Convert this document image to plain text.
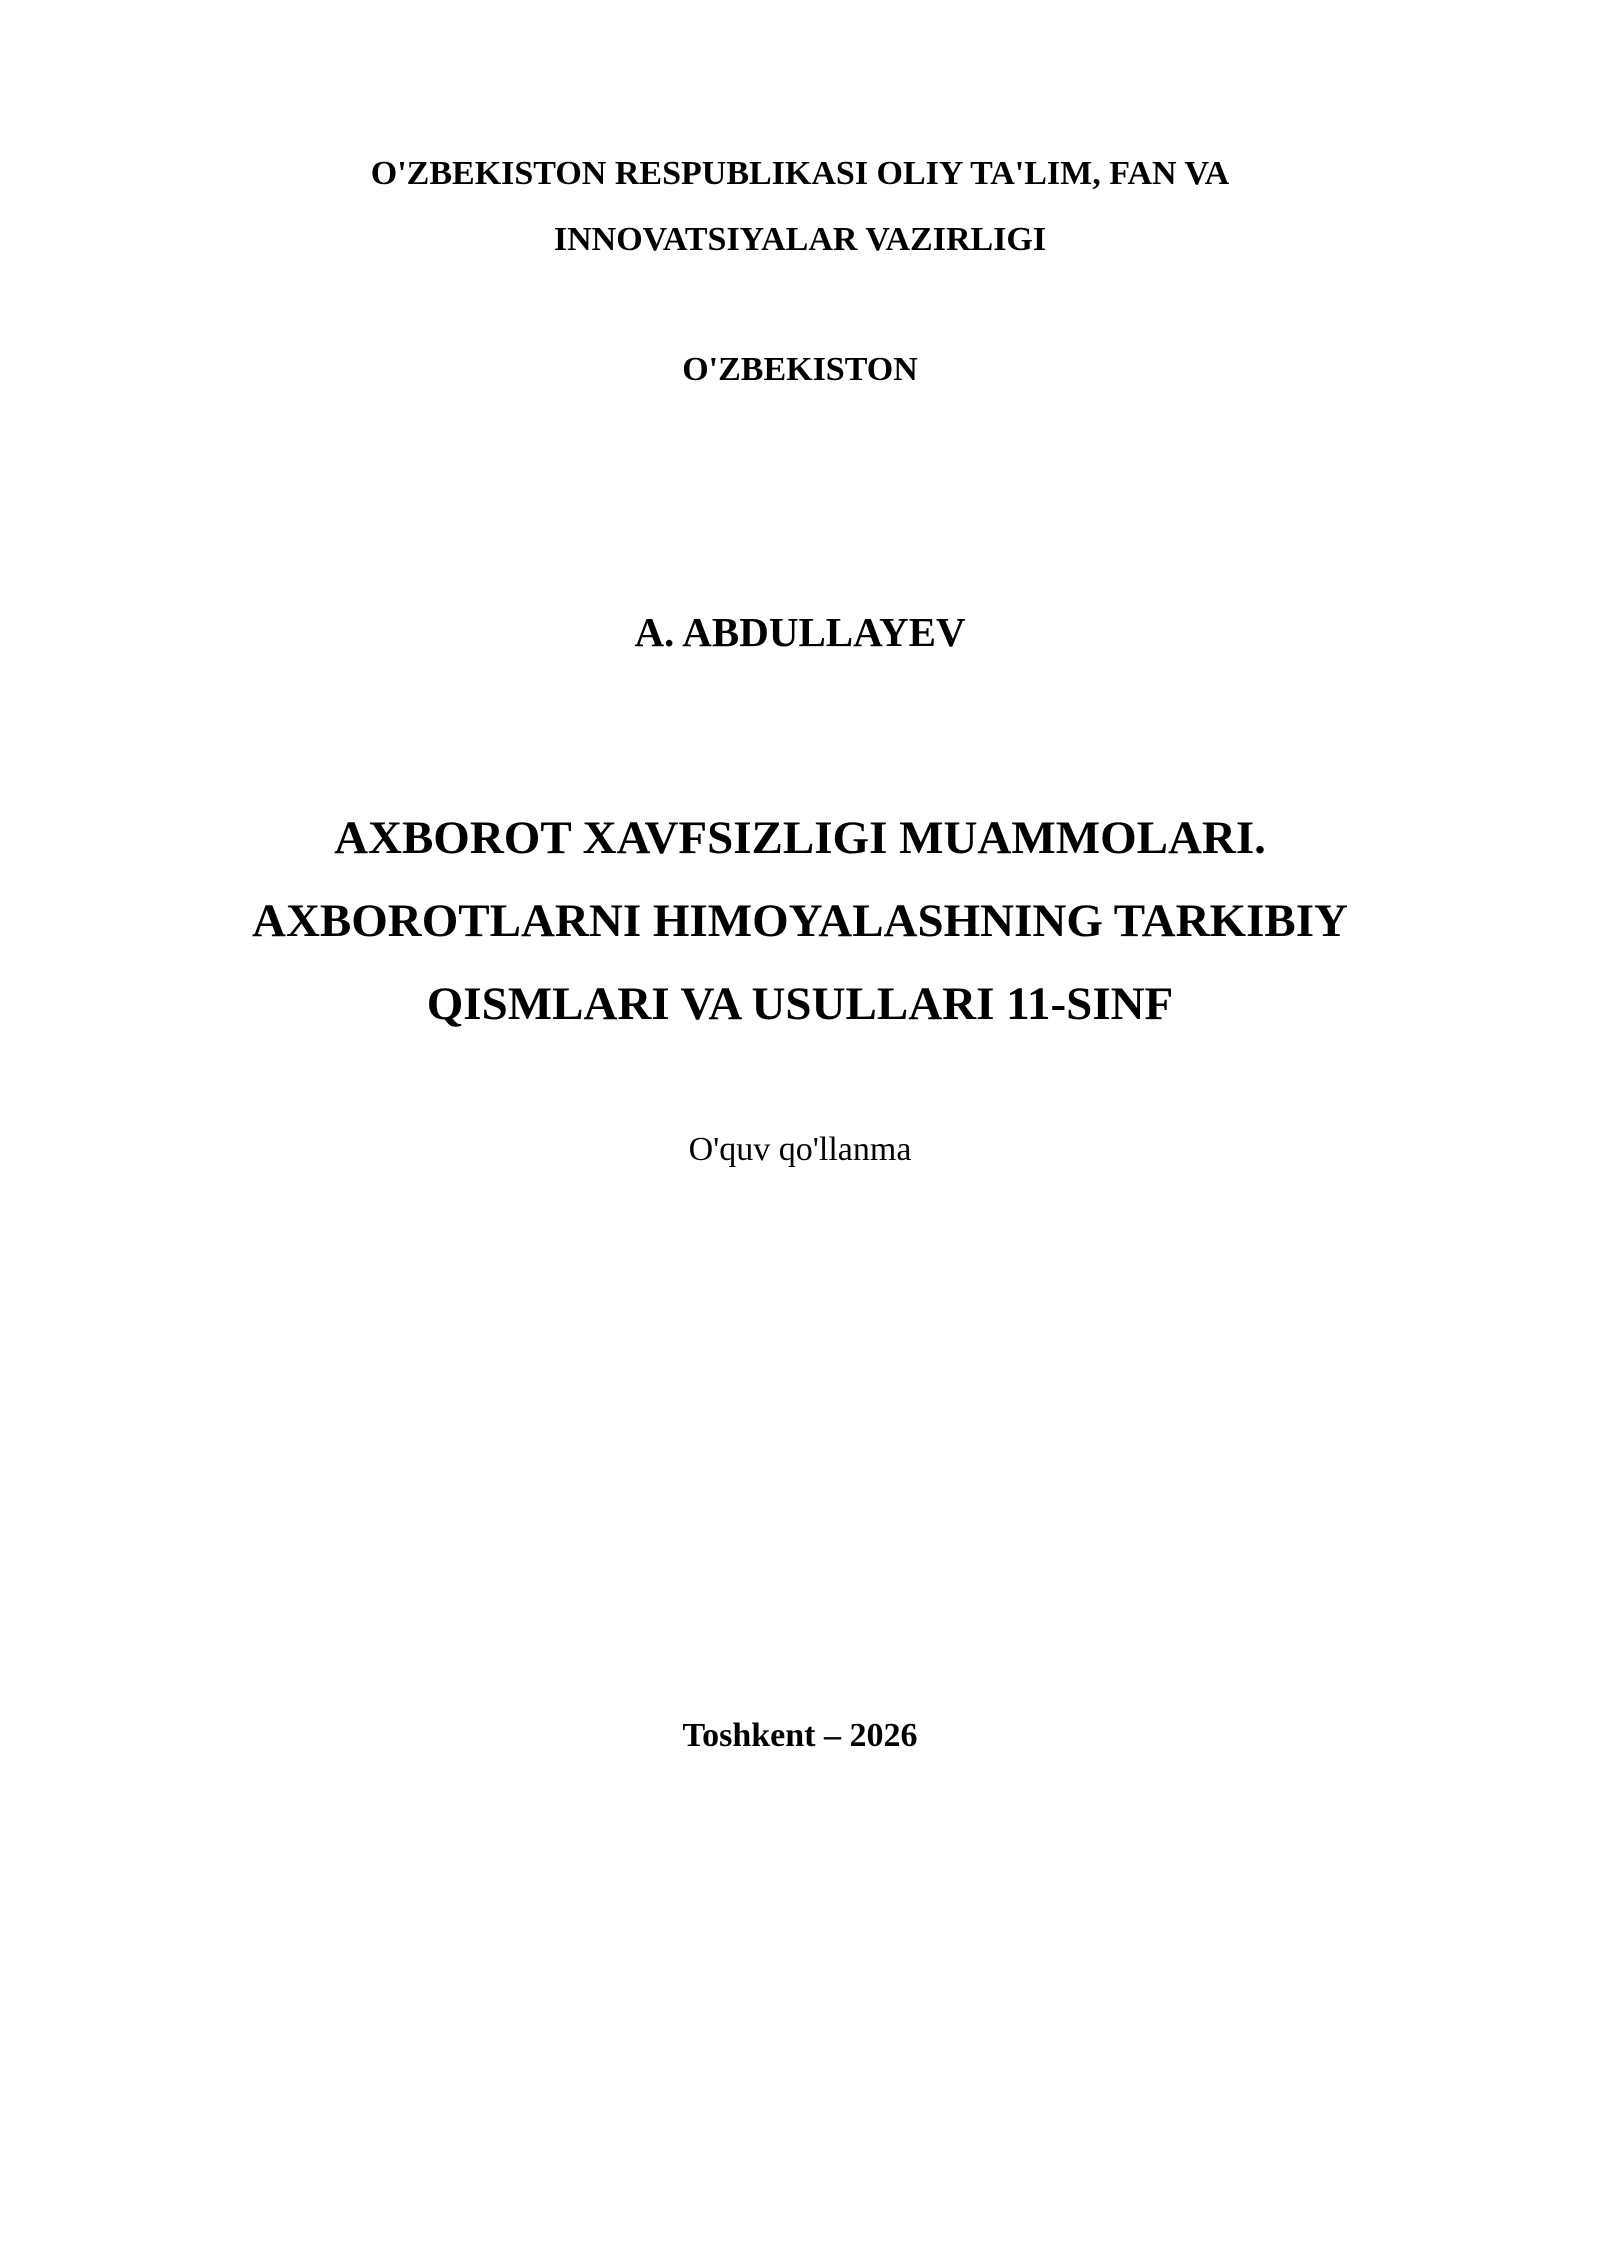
O'ZBEKISTON RESPUBLIKASI OLIY TA'LIM, FAN VA
INNOVATSIYALAR VAZIRLIGI
O'ZBEKISTON
A. ABDULLAYEV
AXBOROT XAVFSIZLIGI MUAMMOLARI.
AXBOROTLARNI HIMOYALASHNING TARKIBIY
QISMLARI VA USULLARI 11-SINF
O'quv qo'llanma
Toshkent – 2026
